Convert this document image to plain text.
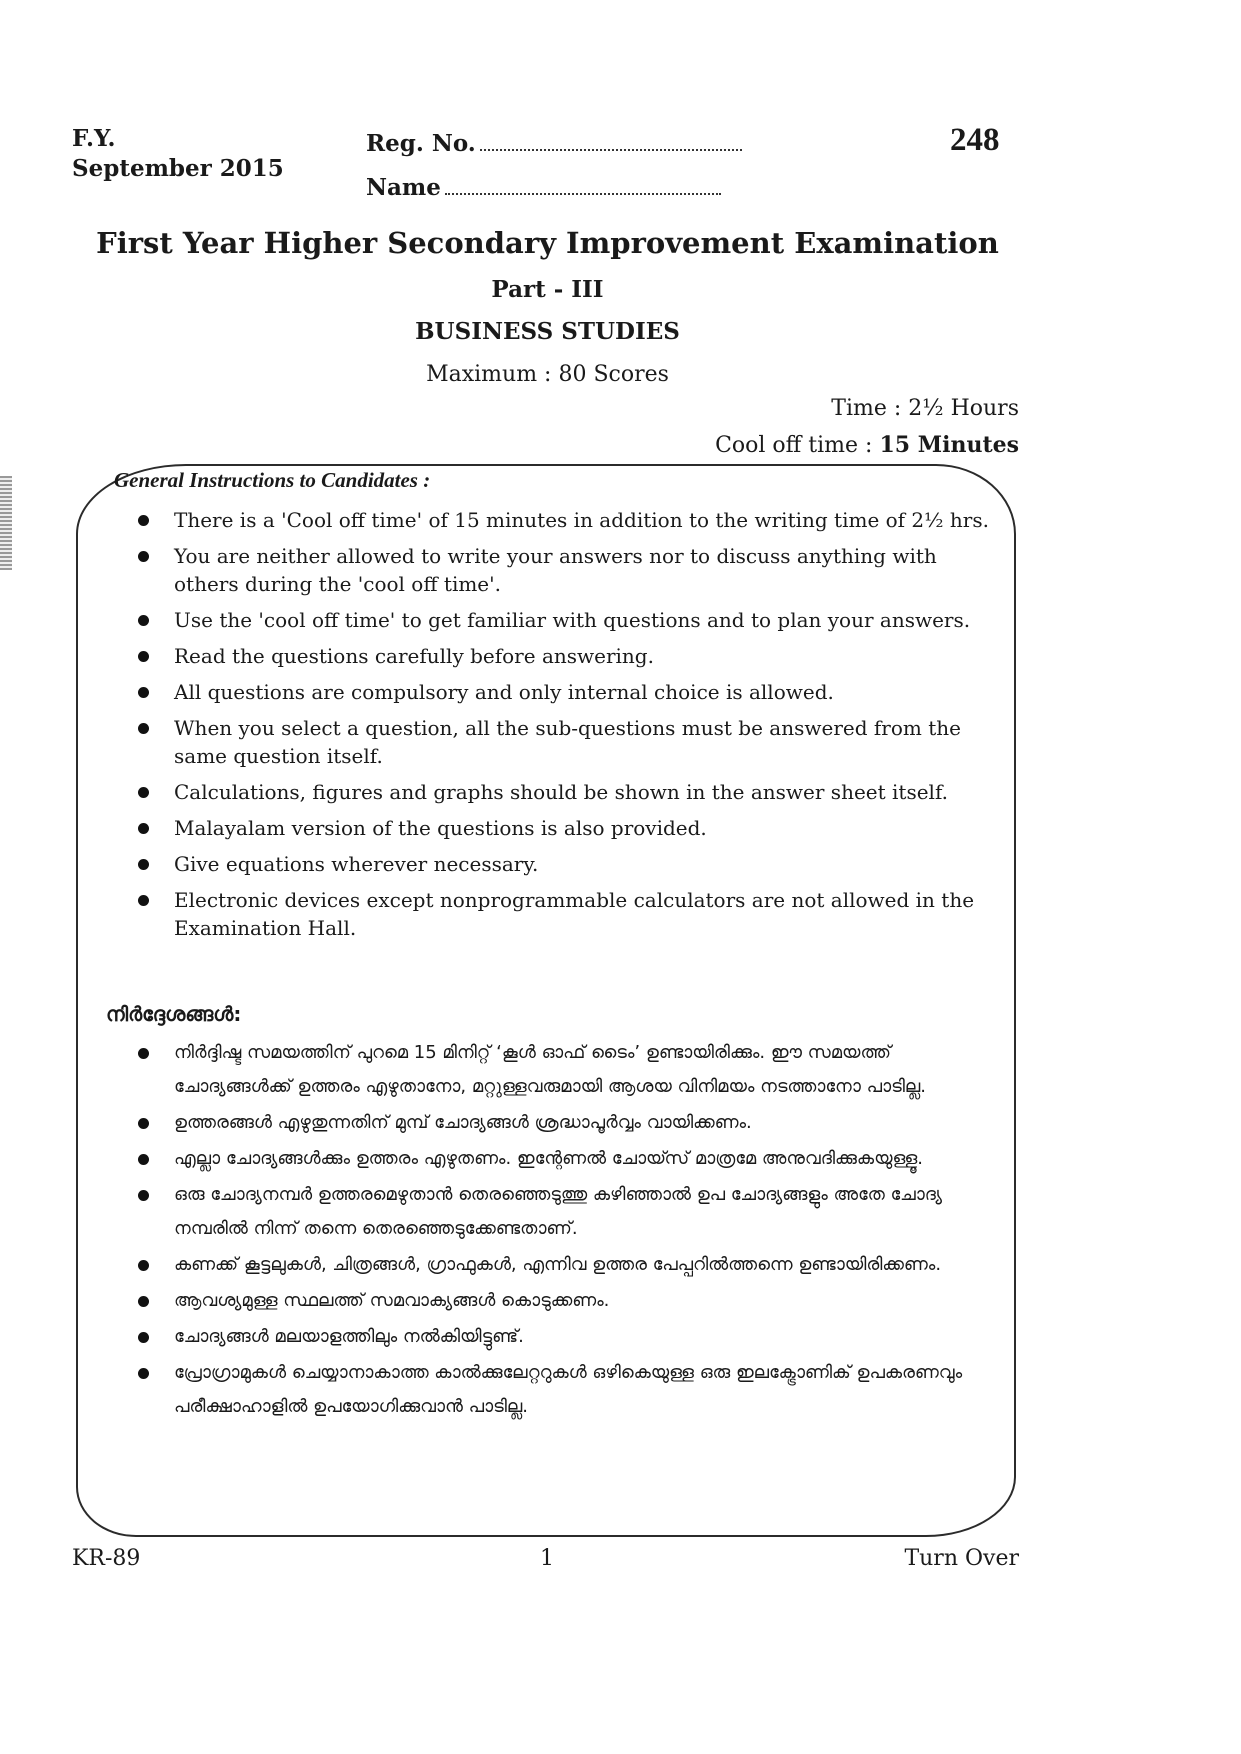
F.Y.
September 2015
Reg. No.
Name
248
First Year Higher Secondary Improvement Examination
Part - III
BUSINESS STUDIES
Maximum : 80 Scores
Time : 2½ Hours
Cool off time : 15 Minutes
General Instructions to Candidates :
There is a 'Cool off time' of 15 minutes in addition to the writing time of 2½ hrs.
You are neither allowed to write your answers nor to discuss anything with others during the 'cool off time'.
Use the 'cool off time' to get familiar with questions and to plan your answers.
Read the questions carefully before answering.
All questions are compulsory and only internal choice is allowed.
When you select a question, all the sub-questions must be answered from the same question itself.
Calculations, figures and graphs should be shown in the answer sheet itself.
Malayalam version of the questions is also provided.
Give equations wherever necessary.
Electronic devices except nonprogrammable calculators are not allowed in the Examination Hall.
നിർദ്ദേശങ്ങൾ:
നിർദ്ദിഷ്ട സമയത്തിന് പുറമെ 15 മിനിറ്റ് ‘കൂൾ ഓഫ് ടൈം’ ഉണ്ടായിരിക്കും. ഈ സമയത്ത് ചോദ്യങ്ങൾക്ക് ഉത്തരം എഴുതാനോ, മറ്റുള്ളവരുമായി ആശയ വിനിമയം നടത്താനോ പാടില്ല.
ഉത്തരങ്ങൾ എഴുതുന്നതിന് മുമ്പ് ചോദ്യങ്ങൾ ശ്രദ്ധാപൂർവ്വം വായിക്കണം.
എല്ലാ ചോദ്യങ്ങൾക്കും ഉത്തരം എഴുതണം. ഇന്റേണൽ ചോയ്സ് മാത്രമേ അനുവദിക്കുകയുള്ളൂ.
ഒരു ചോദ്യനമ്പർ ഉത്തരമെഴുതാൻ തെരഞ്ഞെടുത്തു കഴിഞ്ഞാൽ ഉപ ചോദ്യങ്ങളും അതേ ചോദ്യ നമ്പരിൽ നിന്ന് തന്നെ തെരഞ്ഞെടുക്കേണ്ടതാണ്.
കണക്ക് കൂട്ടലുകൾ, ചിത്രങ്ങൾ, ഗ്രാഫുകൾ, എന്നിവ ഉത്തര പേപ്പറിൽത്തന്നെ ഉണ്ടായിരിക്കണം.
ആവശ്യമുള്ള സ്ഥലത്ത് സമവാക്യങ്ങൾ കൊടുക്കണം.
ചോദ്യങ്ങൾ മലയാളത്തിലും നൽകിയിട്ടുണ്ട്.
പ്രോഗ്രാമുകൾ ചെയ്യാനാകാത്ത കാൽക്കുലേറ്ററുകൾ ഒഴികെയുള്ള ഒരു ഇലക്ട്രോണിക് ഉപകരണവും പരീക്ഷാഹാളിൽ ഉപയോഗിക്കുവാൻ പാടില്ല.
KR-89	1	Turn Over
